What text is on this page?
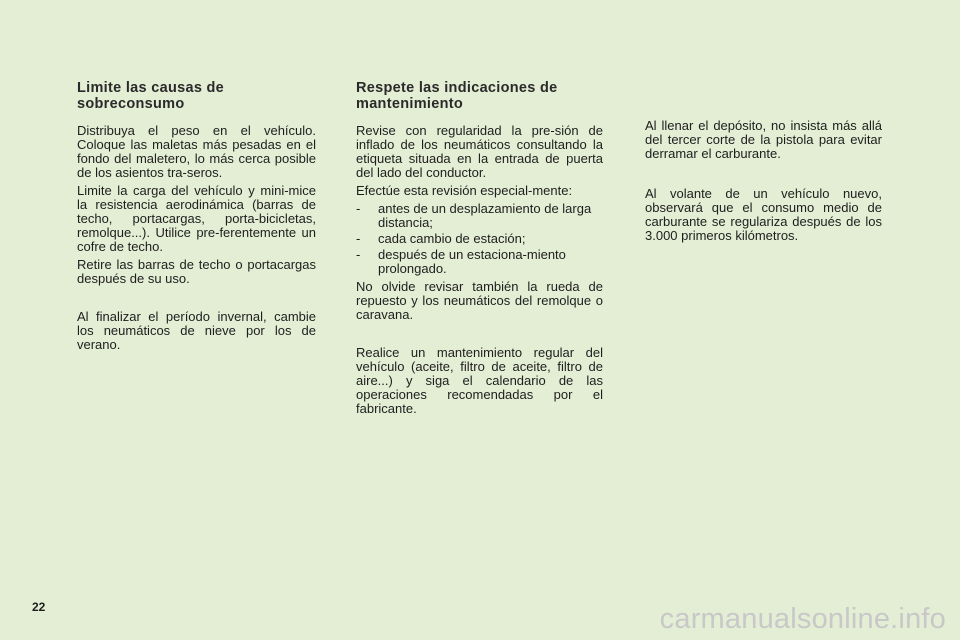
Limite las causas de sobreconsumo

Distribuya el peso en el vehículo. Coloque las maletas más pesadas en el fondo del maletero, lo más cerca posible de los asientos tra-seros.

Limite la carga del vehículo y mini-mice la resistencia aerodinámica (barras de techo, portacargas, porta-bicicletas, remolque...). Utilice pre-ferentemente un cofre de techo.

Retire las barras de techo o portacargas después de su uso.

Al finalizar el período invernal, cambie los neumáticos de nieve por los de verano.

Respete las indicaciones de mantenimiento

Revise con regularidad la pre-sión de inflado de los neumáticos consultando la etiqueta situada en la entrada de puerta del lado del conductor.

Efectúe esta revisión especial-mente:

- antes de un desplazamiento de larga distancia;
- cada cambio de estación;
- después de un estaciona-miento prolongado.

No olvide revisar también la rueda de repuesto y los neumáticos del remolque o caravana.

Realice un mantenimiento regular del vehículo (aceite, filtro de aceite, filtro de aire...) y siga el calendario de las operaciones recomendadas por el fabricante.

Al llenar el depósito, no insista más allá del tercer corte de la pistola para evitar derramar el carburante.

Al volante de un vehículo nuevo, observará que el consumo medio de carburante se regulariza después de los 3.000 primeros kilómetros.

22	carmanualsonline.info
